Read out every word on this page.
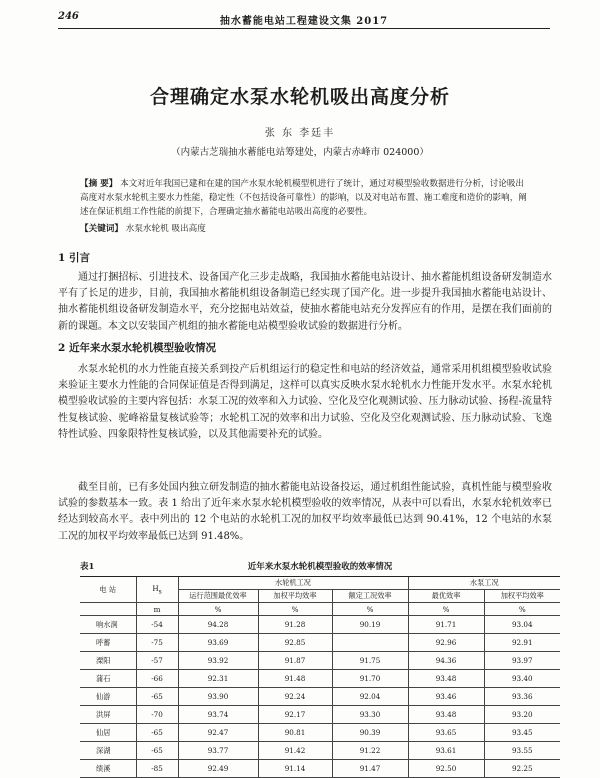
246	抽水蓄能电站工程建设文集 2017
合理确定水泵水轮机吸出高度分析
张 东 李廷丰
（内蒙古芝瑞抽水蓄能电站筹建处，内蒙古赤峰市 024000）
【摘 要】 本文对近年我国已建和在建的国产水泵水轮机模型机进行了统计，通过对模型验收数据进行分析，讨论吸出高度对水泵水轮机主要水力性能，稳定性（不包括设备可靠性）的影响，以及对电站布置、施工难度和造价的影响，阐述在保证机组工作性能的前提下，合理确定抽水蓄能电站吸出高度的必要性。
【关键词】 水泵水轮机 吸出高度
1 引言
通过打捆招标、引进技术、设备国产化三步走战略，我国抽水蓄能电站设计、抽水蓄能机组设备研发制造水平有了长足的进步，目前，我国抽水蓄能机组设备制造已经实现了国产化。进一步提升我国抽水蓄能电站设计、抽水蓄能机组设备研发制造水平，充分挖掘电站效益，使抽水蓄能电站充分发挥应有的作用，是摆在我们面前的新的课题。本文以安装国产机组的抽水蓄能电站模型验收试验的数据进行分析。
2 近年来水泵水轮机模型验收情况
水泵水轮机的水力性能直接关系到投产后机组运行的稳定性和电站的经济效益，通常采用机组模型验收试验来验证主要水力性能的合同保证值是否得到满足，这样可以真实反映水泵水轮机水力性能开发水平。水泵水轮机模型验收试验的主要内容包括：水泵工况的效率和入力试验、空化及空化观测试验、压力脉动试验、扬程-流量特性复核试验、驼峰裕量复核试验等；水轮机工况的效率和出力试验、空化及空化观测试验、压力脉动试验、飞逸特性试验、四象限特性复核试验，以及其他需要补充的试验。
截至目前，已有多处国内独立研发制造的抽水蓄能电站设备投运，通过机组性能试验，真机性能与模型验收试验的参数基本一致。表 1 给出了近年来水泵水轮机模型验收的效率情况，从表中可以看出，水泵水轮机效率已经达到较高水平。表中列出的 12 个电站的水轮机工况的加权平均效率最低已达到 90.41%，12 个电站的水泵工况的加权平均效率最低已达到 91.48%。
表1	近年来水泵水轮机模型验收的效率情况
电 站	$H_s$	水轮机工况			水泵工况	
		运行范围最优效率	加权平均效率	额定工况效率	最优效率	加权平均效率
	m	%	%	%	%	%
响水涧	-54	94.28	91.28	90.19	91.71	93.04
呼蓄	-75	93.69	92.85		92.96	92.91
溧阳	-57	93.92	91.87	91.75	94.36	93.97
蒲石	-66	92.31	91.48	91.70	93.48	93.40
仙游	-65	93.90	92.24	92.04	93.46	93.36
洪屏	-70	93.74	92.17	93.30	93.48	93.20
仙居	-65	92.47	90.81	90.39	93.65	93.45
深湖	-65	93.77	91.42	91.22	93.61	93.55
绩溪	-85	92.49	91.14	91.47	92.50	92.25
